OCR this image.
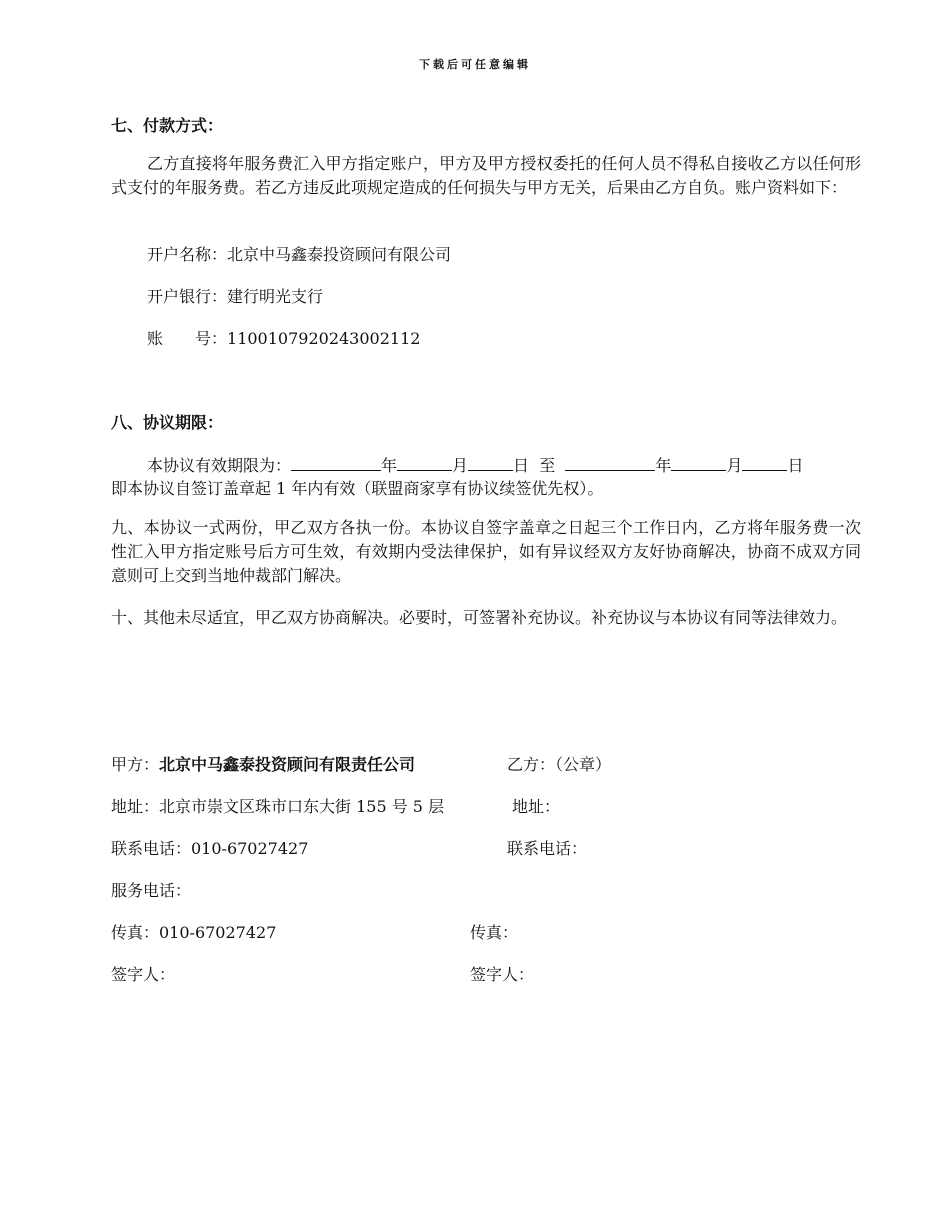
下载后可任意编辑
七、付款方式：

乙方直接将年服务费汇入甲方指定账户，甲方及甲方授权委托的任何人员不得私自接收乙方以任何形式支付的年服务费。若乙方违反此项规定造成的任何损失与甲方无关，后果由乙方自负。账户资料如下：

开户名称：北京中马鑫泰投资顾问有限公司
开户银行：建行明光支行
账　　号：1100107920243002112
八、协议期限：
本协议有效期限为：	年	月	日 至	年	月	日
即本协议自签订盖章起 1 年内有效（联盟商家享有协议续签优先权）。

九、本协议一式两份，甲乙双方各执一份。本协议自签字盖章之日起三个工作日内，乙方将年服务费一次性汇入甲方指定账号后方可生效，有效期内受法律保护，如有异议经双方友好协商解决，协商不成双方同意则可上交到当地仲裁部门解决。

十、其他未尽适宜，甲乙双方协商解决。必要时，可签署补充协议。补充协议与本协议有同等法律效力。

甲方：北京中马鑫泰投资顾问有限责任公司	乙方：（公章）
地址：北京市崇文区珠市口东大街 155 号 5 层	地址：
联系电话：010-67027427	联系电话：
服务电话：
传真：010-67027427	传真：
签字人：	签字人：
